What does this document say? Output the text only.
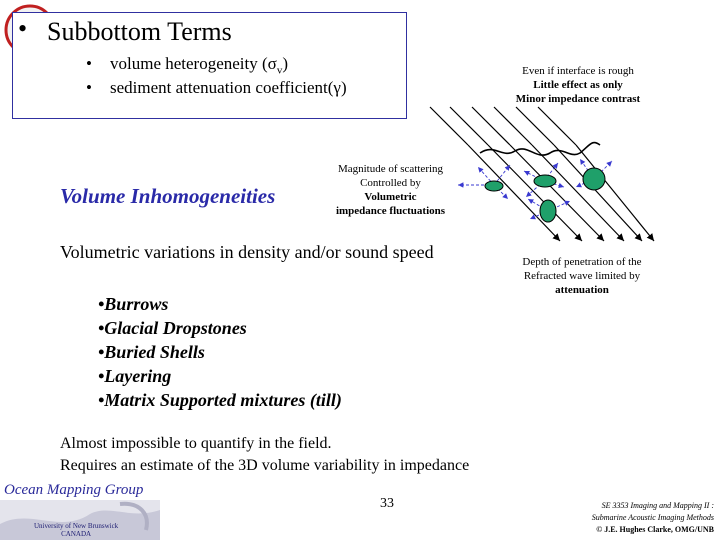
• Subbottom Terms
• volume heterogeneity $(\sigma_v)$
• sediment attenuation coefficient(γ)
Volume Inhomogeneities
Volumetric variations in density and/or sound speed
•Burrows
•Glacial Dropstones
•Buried Shells
•Layering
•Matrix Supported mixtures (till)
Almost impossible to quantify in the field.
Requires an estimate of the 3D volume variability in impedance
33
Even if interface is rough
Little effect as only
Minor impedance contrast
Magnitude of scattering
Controlled by
Volumetric
impedance fluctuations
Depth of penetration of the
Refracted wave limited by
attenuation
Ocean Mapping Group
University of New Brunswick
CANADA
SE 3353 Imaging and Mapping II :
Submarine Acoustic Imaging Methods
© J.E. Hughes Clarke, OMG/UNB
